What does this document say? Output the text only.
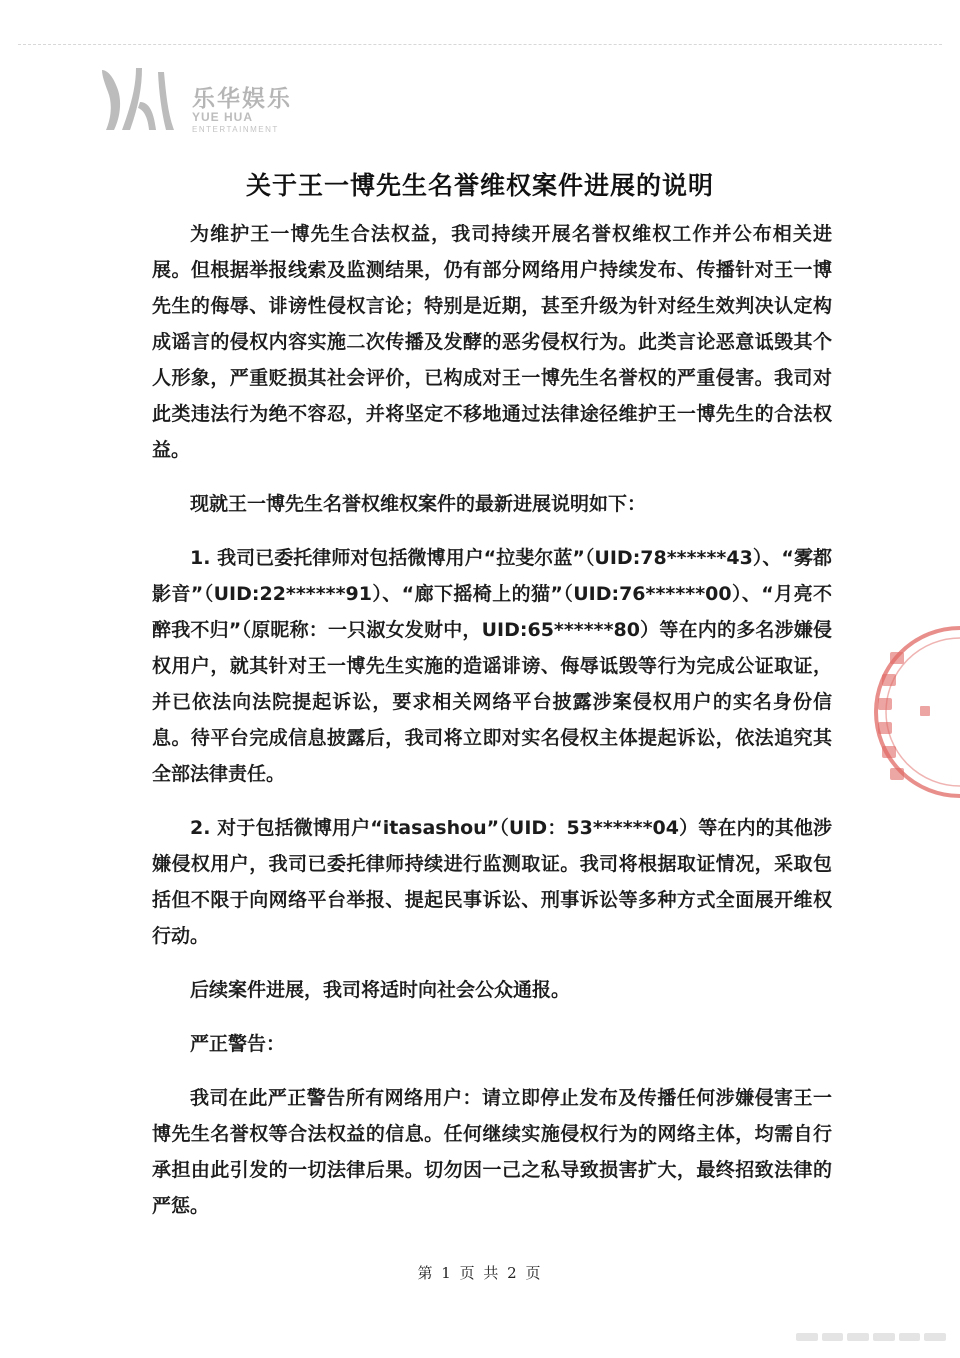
乐华娱乐
YUE HUA
ENTERTAINMENT
关于王一博先生名誉维权案件进展的说明

为维护王一博先生合法权益，我司持续开展名誉权维权工作并公布相关进展。但根据举报线索及监测结果，仍有部分网络用户持续发布、传播针对王一博先生的侮辱、诽谤性侵权言论；特别是近期，甚至升级为针对经生效判决认定构成谣言的侵权内容实施二次传播及发酵的恶劣侵权行为。此类言论恶意诋毁其个人形象，严重贬损其社会评价，已构成对王一博先生名誉权的严重侵害。我司对此类违法行为绝不容忍，并将坚定不移地通过法律途径维护王一博先生的合法权益。

现就王一博先生名誉权维权案件的最新进展说明如下：

1. 我司已委托律师对包括微博用户“拉斐尔蓝”（UID:78******43）、“雾都影音”（UID:22******91）、“廊下摇椅上的猫”（UID:76******00）、“月亮不醉我不归”（原昵称：一只淑女发财中，UID:65******80）等在内的多名涉嫌侵权用户，就其针对王一博先生实施的造谣诽谤、侮辱诋毁等行为完成公证取证，并已依法向法院提起诉讼，要求相关网络平台披露涉案侵权用户的实名身份信息。待平台完成信息披露后，我司将立即对实名侵权主体提起诉讼，依法追究其全部法律责任。

2. 对于包括微博用户“itasashou”（UID：53******04）等在内的其他涉嫌侵权用户，我司已委托律师持续进行监测取证。我司将根据取证情况，采取包括但不限于向网络平台举报、提起民事诉讼、刑事诉讼等多种方式全面展开维权行动。

后续案件进展，我司将适时向社会公众通报。

严正警告：

我司在此严正警告所有网络用户：请立即停止发布及传播任何涉嫌侵害王一博先生名誉权等合法权益的信息。任何继续实施侵权行为的网络主体，均需自行承担由此引发的一切法律后果。切勿因一己之私导致损害扩大，最终招致法律的严惩。

第 1 页 共 2 页
